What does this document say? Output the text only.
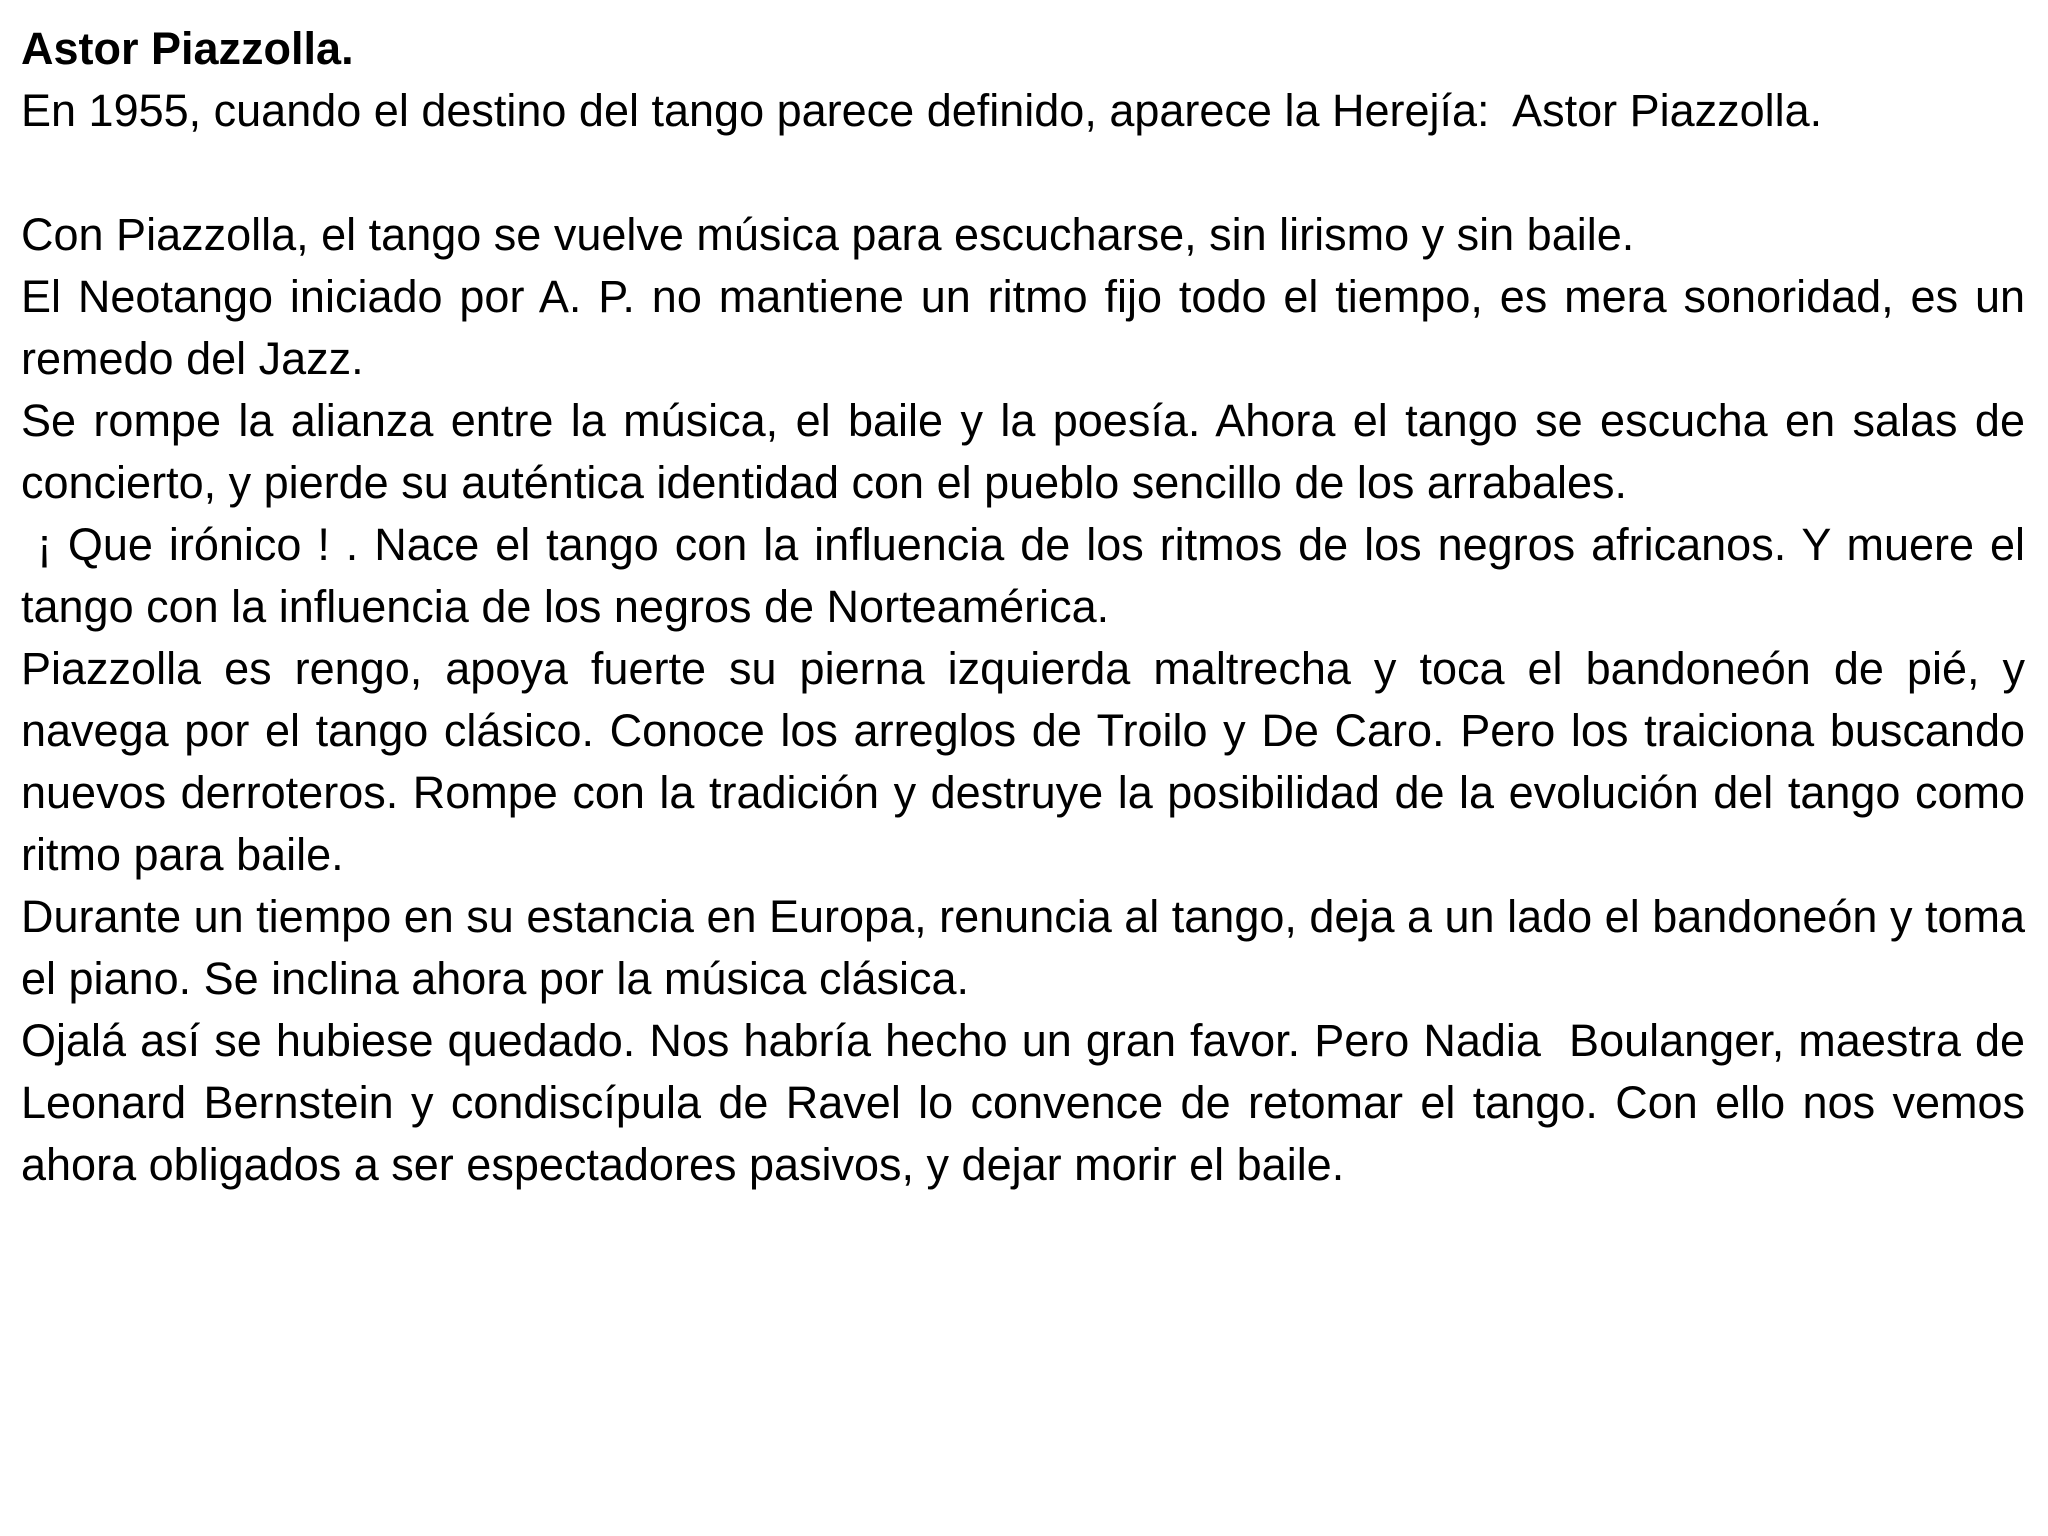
Astor Piazzolla.

En 1955, cuando el destino del tango parece definido, aparece la Herejía:  Astor Piazzolla.

Con Piazzolla, el tango se vuelve música para escucharse, sin lirismo y sin baile.

El Neotango iniciado por A. P. no mantiene un ritmo fijo todo el tiempo, es mera sonoridad, es un remedo del Jazz.

Se rompe la alianza entre la música, el baile y la poesía. Ahora el tango se escucha en salas de concierto, y pierde su auténtica identidad con el pueblo sencillo de los arrabales.

¡ Que irónico ! . Nace el tango con la influencia de los ritmos de los negros africanos. Y muere el tango con la influencia de los negros de Norteamérica.

Piazzolla es rengo, apoya fuerte su pierna izquierda maltrecha y toca el bandoneón de pié, y navega por el tango clásico. Conoce los arreglos de Troilo y De Caro. Pero los traiciona buscando nuevos derroteros. Rompe con la tradición y destruye la posibilidad de la evolución del tango como ritmo para baile.

Durante un tiempo en su estancia en Europa, renuncia al tango, deja a un lado el bandoneón y toma el piano. Se inclina ahora por la música clásica.

Ojalá así se hubiese quedado. Nos habría hecho un gran favor. Pero Nadia  Boulanger, maestra de Leonard Bernstein y condiscípula de Ravel lo convence de retomar el tango. Con ello nos vemos ahora obligados a ser espectadores pasivos, y dejar morir el baile.
